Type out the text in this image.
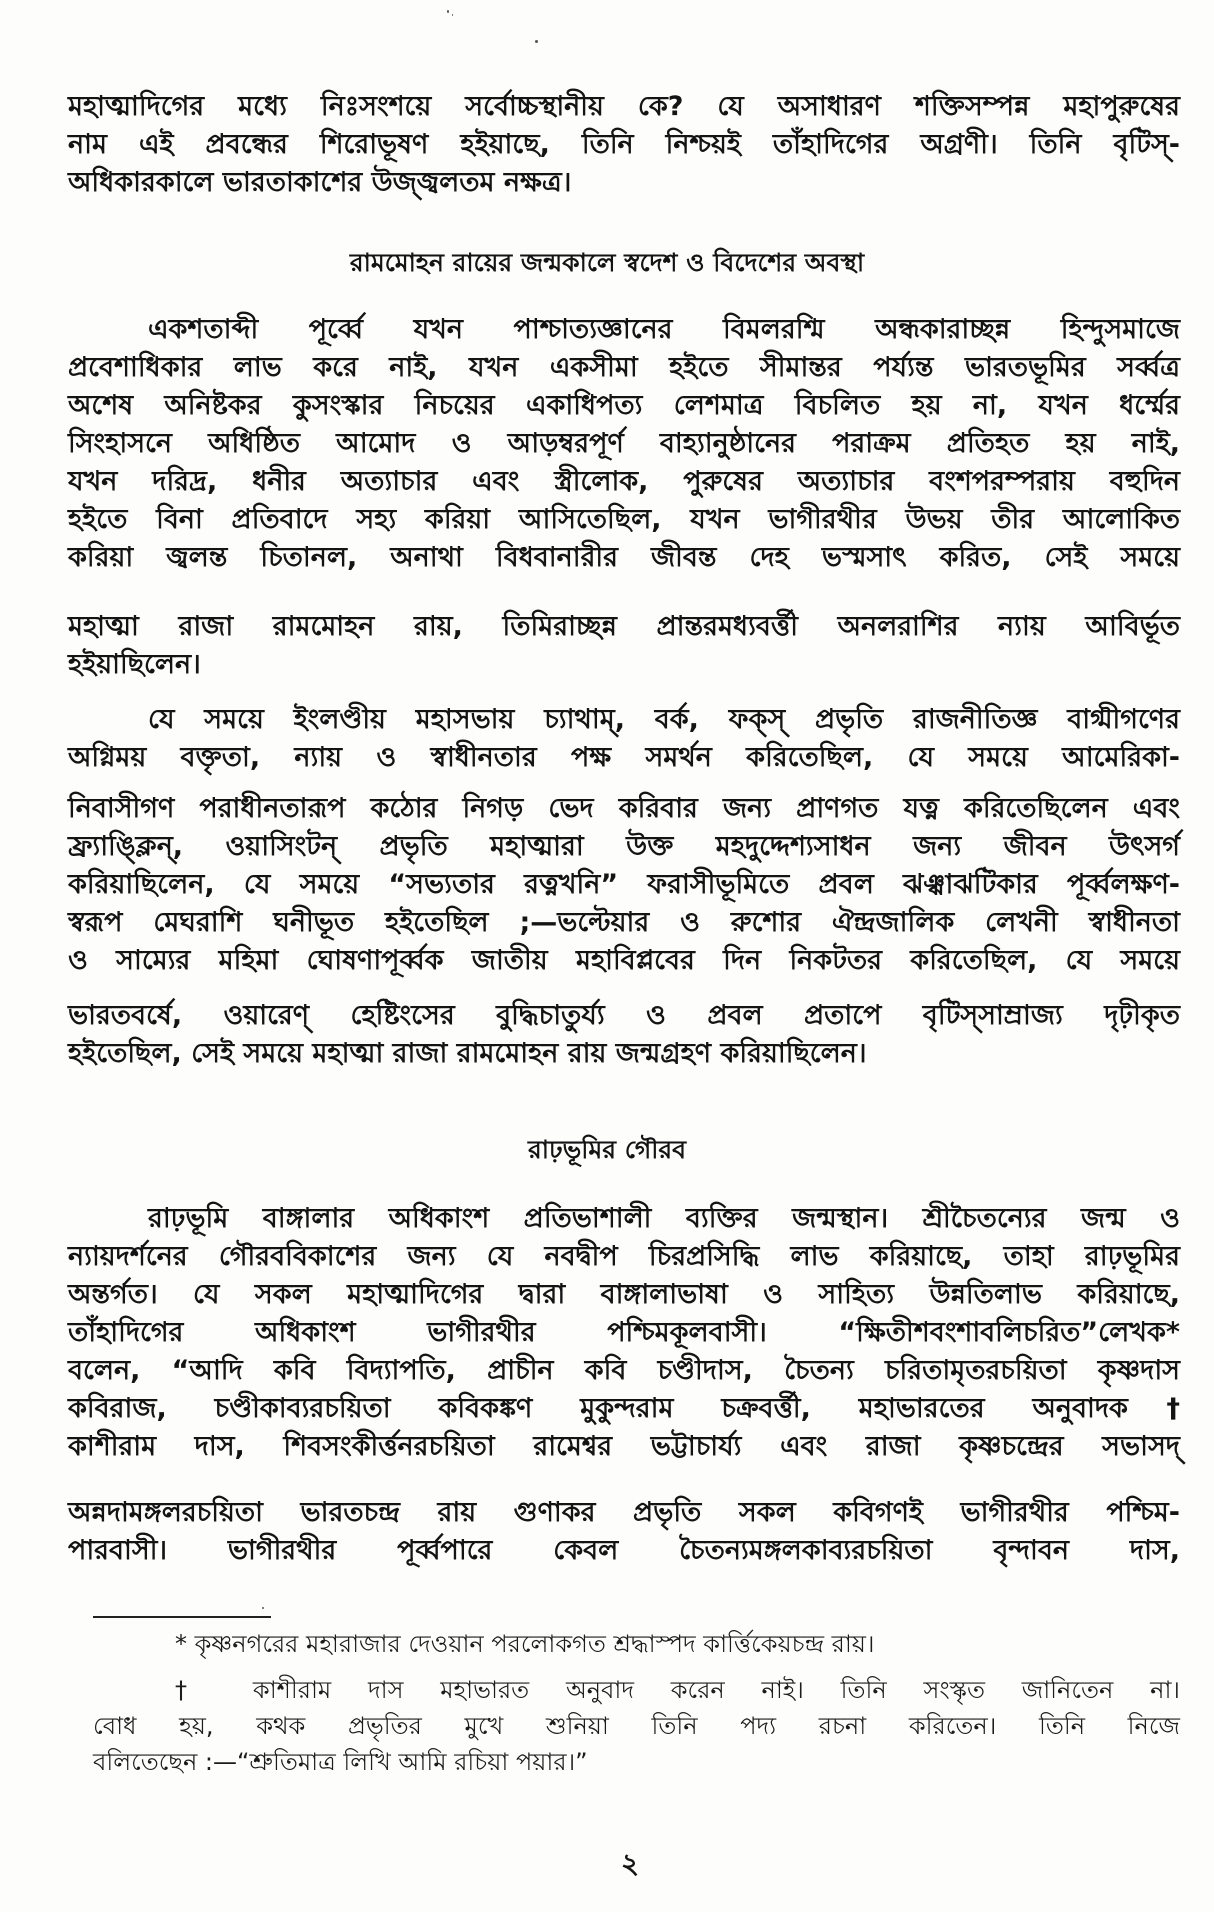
মহাত্মাদিগের মধ্যে নিঃসংশয়ে সর্বোচ্চস্থানীয় কে? যে অসাধারণ শক্তিসম্পন্ন মহাপুরুষের
নাম এই প্রবন্ধের শিরোভূষণ হইয়াছে, তিনি নিশ্চয়ই তাঁহাদিগের অগ্রণী। তিনি বৃটিস্-
অধিকারকালে ভারতাকাশের উজ্জ্বলতম নক্ষত্র।
রামমোহন রায়ের জন্মকালে স্বদেশ ও বিদেশের অবস্থা
একশতাব্দী পূর্ব্বে যখন পাশ্চাত্যজ্ঞানের বিমলরশ্মি অন্ধকারাচ্ছন্ন হিন্দুসমাজে
প্রবেশাধিকার লাভ করে নাই, যখন একসীমা হইতে সীমান্তর পর্য্যন্ত ভারতভূমির সর্ব্বত্র
অশেষ অনিষ্টকর কুসংস্কার নিচয়ের একাধিপত্য লেশমাত্র বিচলিত হয় না, যখন ধর্ম্মের
সিংহাসনে অধিষ্ঠিত আমোদ ও আড়ম্বরপূর্ণ বাহ্যানুষ্ঠানের পরাক্রম প্রতিহত হয় নাই,
যখন দরিদ্র, ধনীর অত্যাচার এবং স্ত্রীলোক, পুরুষের অত্যাচার বংশপরম্পরায় বহুদিন
হইতে বিনা প্রতিবাদে সহ্য করিয়া আসিতেছিল, যখন ভাগীরথীর উভয় তীর আলোকিত
করিয়া জ্বলন্ত চিতানল, অনাথা বিধবানারীর জীবন্ত দেহ ভস্মসাৎ করিত, সেই সময়ে
মহাত্মা রাজা রামমোহন রায়, তিমিরাচ্ছন্ন প্রান্তরমধ্যবর্ত্তী অনলরাশির ন্যায় আবির্ভূত
হইয়াছিলেন।
যে সময়ে ইংলণ্ডীয় মহাসভায় চ্যাথাম্, বর্ক, ফক্স্ প্রভৃতি রাজনীতিজ্ঞ বাগ্মীগণের
অগ্নিময় বক্তৃতা, ন্যায় ও স্বাধীনতার পক্ষ সমর্থন করিতেছিল, যে সময়ে আমেরিকা-
নিবাসীগণ পরাধীনতারূপ কঠোর নিগড় ভেদ করিবার জন্য প্রাণগত যত্ন করিতেছিলেন এবং
ফ্র্যাঙ্ক্লিন্, ওয়াসিংটন্ প্রভৃতি মহাত্মারা উক্ত মহদুদ্দেশ্যসাধন জন্য জীবন উৎসর্গ
করিয়াছিলেন, যে সময়ে “সভ্যতার রত্নখনি” ফরাসীভূমিতে প্রবল ঝঞ্ঝাঝটিকার পূর্ব্বলক্ষণ-
স্বরূপ মেঘরাশি ঘনীভূত হইতেছিল ;—ভল্টেয়ার ও রুশোর ঐন্দ্রজালিক লেখনী স্বাধীনতা
ও সাম্যের মহিমা ঘোষণাপূর্ব্বক জাতীয় মহাবিপ্লবের দিন নিকটতর করিতেছিল, যে সময়ে
ভারতবর্ষে, ওয়ারেণ্ হেষ্টিংসের বুদ্ধিচাতুর্য্য ও প্রবল প্রতাপে বৃটিস্সাম্রাজ্য দৃঢ়ীকৃত
হইতেছিল, সেই সময়ে মহাত্মা রাজা রামমোহন রায় জন্মগ্রহণ করিয়াছিলেন।
রাঢ়ভূমির গৌরব
রাঢ়ভূমি বাঙ্গালার অধিকাংশ প্রতিভাশালী ব্যক্তির জন্মস্থান। শ্রীচৈতন্যের জন্ম ও
ন্যায়দর্শনের গৌরববিকাশের জন্য যে নবদ্বীপ চিরপ্রসিদ্ধি লাভ করিয়াছে, তাহা রাঢ়ভূমির
অন্তর্গত। যে সকল মহাত্মাদিগের দ্বারা বাঙ্গালাভাষা ও সাহিত্য উন্নতিলাভ করিয়াছে,
তাঁহাদিগের অধিকাংশ ভাগীরথীর পশ্চিমকূলবাসী। “ক্ষিতীশবংশাবলিচরিত”লেখক*
বলেন, “আদি কবি বিদ্যাপতি, প্রাচীন কবি চণ্ডীদাস, চৈতন্য চরিতামৃতরচয়িতা কৃষ্ণদাস
কবিরাজ, চণ্ডীকাব্যরচয়িতা কবিকঙ্কণ মুকুন্দরাম চক্রবর্ত্তী, মহাভারতের অনুবাদক†
কাশীরাম দাস, শিবসংকীর্ত্তনরচয়িতা রামেশ্বর ভট্টাচার্য্য এবং রাজা কৃষ্ণচন্দ্রের সভাসদ্
অন্নদামঙ্গলরচয়িতা ভারতচন্দ্র রায় গুণাকর প্রভৃতি সকল কবিগণই ভাগীরথীর পশ্চিম-
পারবাসী। ভাগীরথীর পূর্ব্বপারে কেবল চৈতন্যমঙ্গলকাব্যরচয়িতা বৃন্দাবন দাস,
* কৃষ্ণনগরের মহারাজার দেওয়ান পরলোকগত শ্রদ্ধাস্পদ কার্ত্তিকেয়চন্দ্র রায়।
† কাশীরাম দাস মহাভারত অনুবাদ করেন নাই। তিনি সংস্কৃত জানিতেন না।
বোধ হয়, কথক প্রভৃতির মুখে শুনিয়া তিনি পদ্য রচনা করিতেন। তিনি নিজে
বলিতেছেন :—“শ্রুতিমাত্র লিখি আমি রচিয়া পয়ার।”
২
